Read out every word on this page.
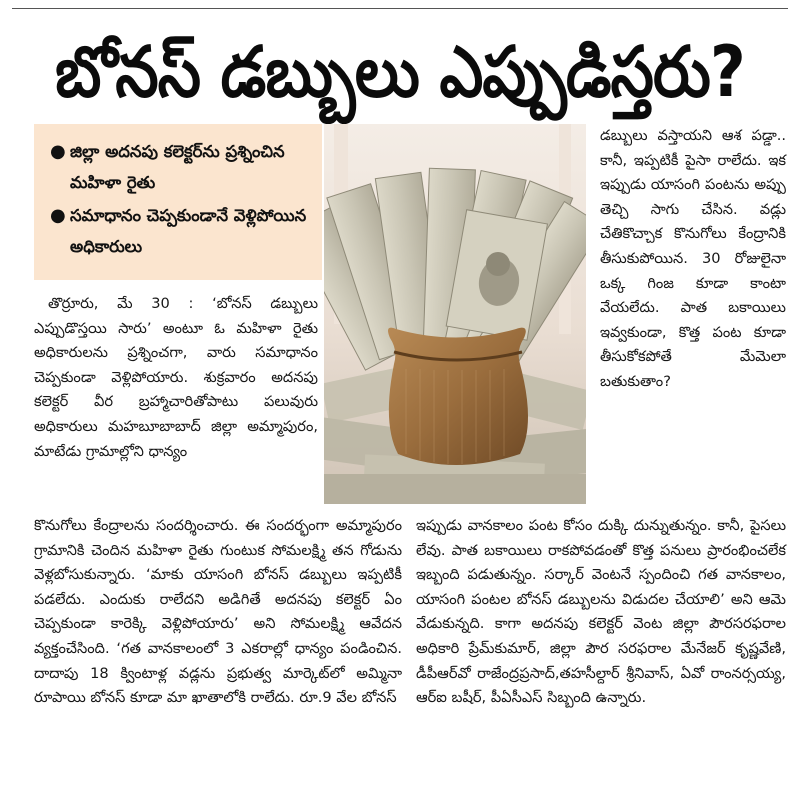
బోనస్ డబ్బులు ఎప్పుడిస్తరు?
● జిల్లా అదనపు కలెక్టర్‌ను ప్రశ్నించిన మహిళా రైతు
● సమాధానం చెప్పకుండానే వెళ్లిపోయిన అధికారులు

తొర్రూరు, మే 30 : ‘బోనస్ డబ్బులు ఎప్పుడొస్తయి సారు’ అంటూ ఓ మహిళా రైతు అధికారులను ప్రశ్నించగా, వారు సమాధానం చెప్పకుండా వెళ్లిపోయారు. శుక్రవారం అదనపు కలెక్టర్ వీర బ్రహ్మాచారితోపాటు పలువురు అధికారులు మహబూబాబాద్ జిల్లా అమ్మాపురం, మాటేడు గ్రామాల్లోని ధాన్యం

డబ్బులు వస్తాయని ఆశ పడ్డా.. కానీ, ఇప్పటికీ పైసా రాలేదు. ఇక ఇప్పుడు యాసంగి పంటను అప్పు తెచ్చి సాగు చేసిన. వడ్లు చేతికొచ్చాక కొనుగోలు కేంద్రానికి తీసుకుపోయిన. 30 రోజులైనా ఒక్క గింజ కూడా కాంటా వేయలేదు. పాత బకాయిలు ఇవ్వకుండా, కొత్త పంట కూడా తీసుకోకపోతే మేమెలా బతుకుతాం?

కొనుగోలు కేంద్రాలను సందర్శించారు. ఈ సందర్భంగా అమ్మాపురం గ్రామానికి చెందిన మహిళా రైతు గుంటుక సోమలక్ష్మి తన గోడును వెళ్లబోసుకున్నారు. ‘మాకు యాసంగి బోనస్ డబ్బులు ఇప్పటికీ పడలేదు. ఎందుకు రాలేదని అడిగితే అదనపు కలెక్టర్ ఏం చెప్పకుండా కారెక్కి వెళ్లిపోయారు’ అని సోమలక్ష్మి ఆవేదన వ్యక్తంచేసింది. ‘గత వానకాలంలో 3 ఎకరాల్లో ధాన్యం పండించిన. దాదాపు 18 క్వింటాళ్ల వడ్లను ప్రభుత్వ మార్కెట్‌లో అమ్మినా రూపాయి బోనస్ కూడా మా ఖాతాలోకి రాలేదు. రూ.9 వేల బోనస్

ఇప్పుడు వానకాలం పంట కోసం దుక్కి దున్నుతున్నం. కానీ, పైసలు లేవు. పాత బకాయిలు రాకపోవడంతో కొత్త పనులు ప్రారంభించలేక ఇబ్బంది పడుతున్నం. సర్కార్ వెంటనే స్పందించి గత వానకాలం, యాసంగి పంటల బోనస్ డబ్బులను విడుదల చేయాలి’ అని ఆమె వేడుకున్నది. కాగా అదనపు కలెక్టర్ వెంట జిల్లా పౌరసరఫరాల అధికారి ప్రేమ్‌కుమార్, జిల్లా పౌర సరఫరాల మేనేజర్ కృష్ణవేణి, డీపీఆర్‌వో రాజేంద్రప్రసాద్,తహసీల్దార్ శ్రీనివాస్, ఏవో రాంనర్సయ్య, ఆర్‌ఐ బషీర్, పీఏసీఎస్ సిబ్బంది ఉన్నారు.
